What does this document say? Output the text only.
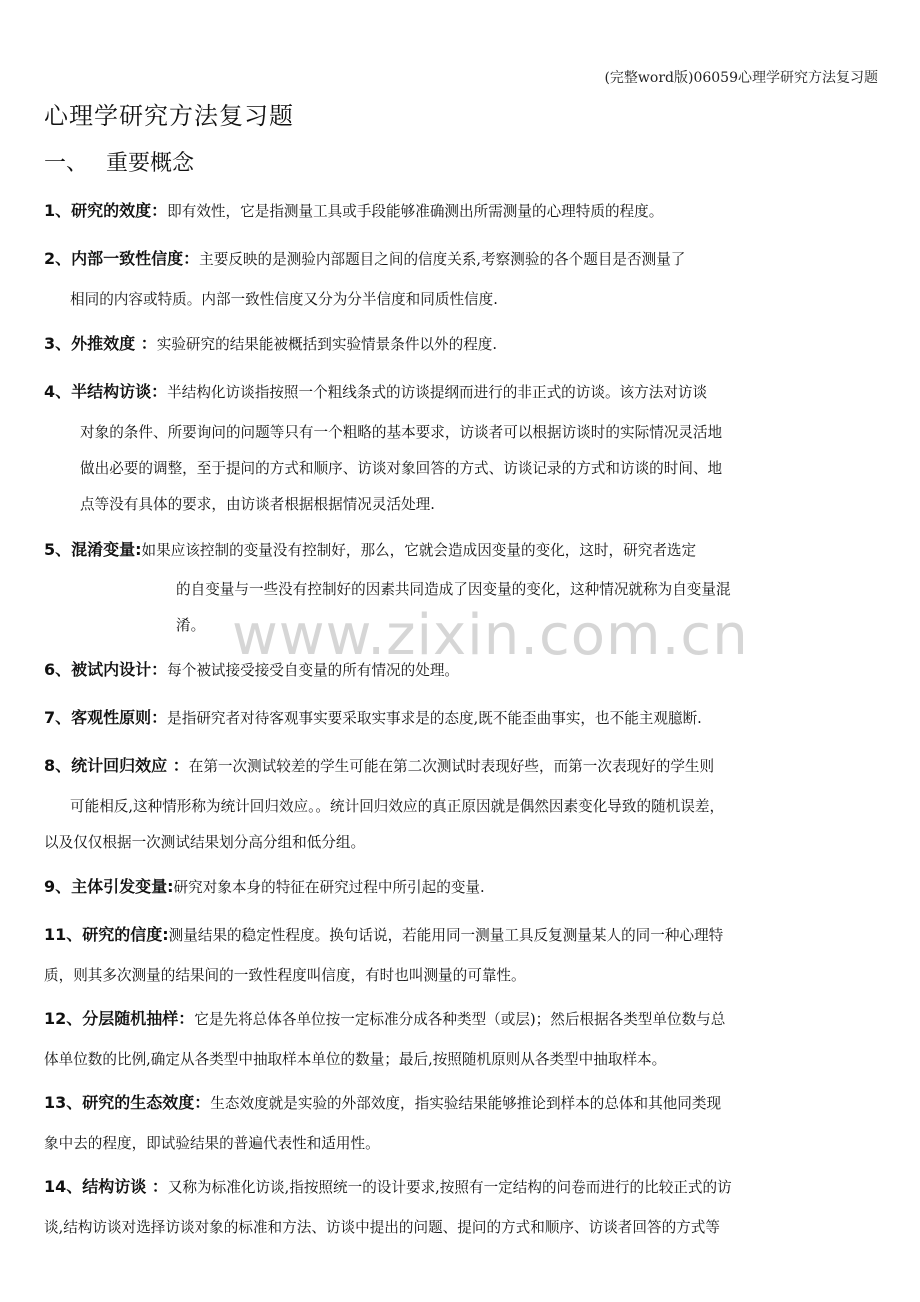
(完整word版)06059心理学研究方法复习题
心理学研究方法复习题
一、 重要概念
www.zixin.com.cn
1、研究的效度：即有效性，它是指测量工具或手段能够准确测出所需测量的心理特质的程度。
2、内部一致性信度：主要反映的是测验内部题目之间的信度关系,考察测验的各个题目是否测量了
相同的内容或特质。内部一致性信度又分为分半信度和同质性信度.
3、外推效度 ：实验研究的结果能被概括到实验情景条件以外的程度.
4、半结构访谈：半结构化访谈指按照一个粗线条式的访谈提纲而进行的非正式的访谈。该方法对访谈
对象的条件、所要询问的问题等只有一个粗略的基本要求，访谈者可以根据访谈时的实际情况灵活地
做出必要的调整，至于提问的方式和顺序、访谈对象回答的方式、访谈记录的方式和访谈的时间、地
点等没有具体的要求，由访谈者根据根据情况灵活处理.
5、混淆变量:如果应该控制的变量没有控制好，那么，它就会造成因变量的变化，这时，研究者选定
的自变量与一些没有控制好的因素共同造成了因变量的变化，这种情况就称为自变量混
淆。
6、被试内设计：每个被试接受接受自变量的所有情况的处理。
7、客观性原则：是指研究者对待客观事实要采取实事求是的态度,既不能歪曲事实，也不能主观臆断.
8、统计回归效应 ：在第一次测试较差的学生可能在第二次测试时表现好些，而第一次表现好的学生则
可能相反,这种情形称为统计回归效应。。统计回归效应的真正原因就是偶然因素变化导致的随机误差，
以及仅仅根据一次测试结果划分高分组和低分组。
9、主体引发变量:研究对象本身的特征在研究过程中所引起的变量.
11、研究的信度:测量结果的稳定性程度。换句话说，若能用同一测量工具反复测量某人的同一种心理特
质，则其多次测量的结果间的一致性程度叫信度，有时也叫测量的可靠性。
12、分层随机抽样：它是先将总体各单位按一定标准分成各种类型（或层)；然后根据各类型单位数与总
体单位数的比例,确定从各类型中抽取样本单位的数量；最后,按照随机原则从各类型中抽取样本。
13、研究的生态效度：生态效度就是实验的外部效度，指实验结果能够推论到样本的总体和其他同类现
象中去的程度，即试验结果的普遍代表性和适用性。
14、结构访谈 ：又称为标准化访谈,指按照统一的设计要求,按照有一定结构的问卷而进行的比较正式的访
谈,结构访谈对选择访谈对象的标准和方法、访谈中提出的问题、提问的方式和顺序、访谈者回答的方式等
